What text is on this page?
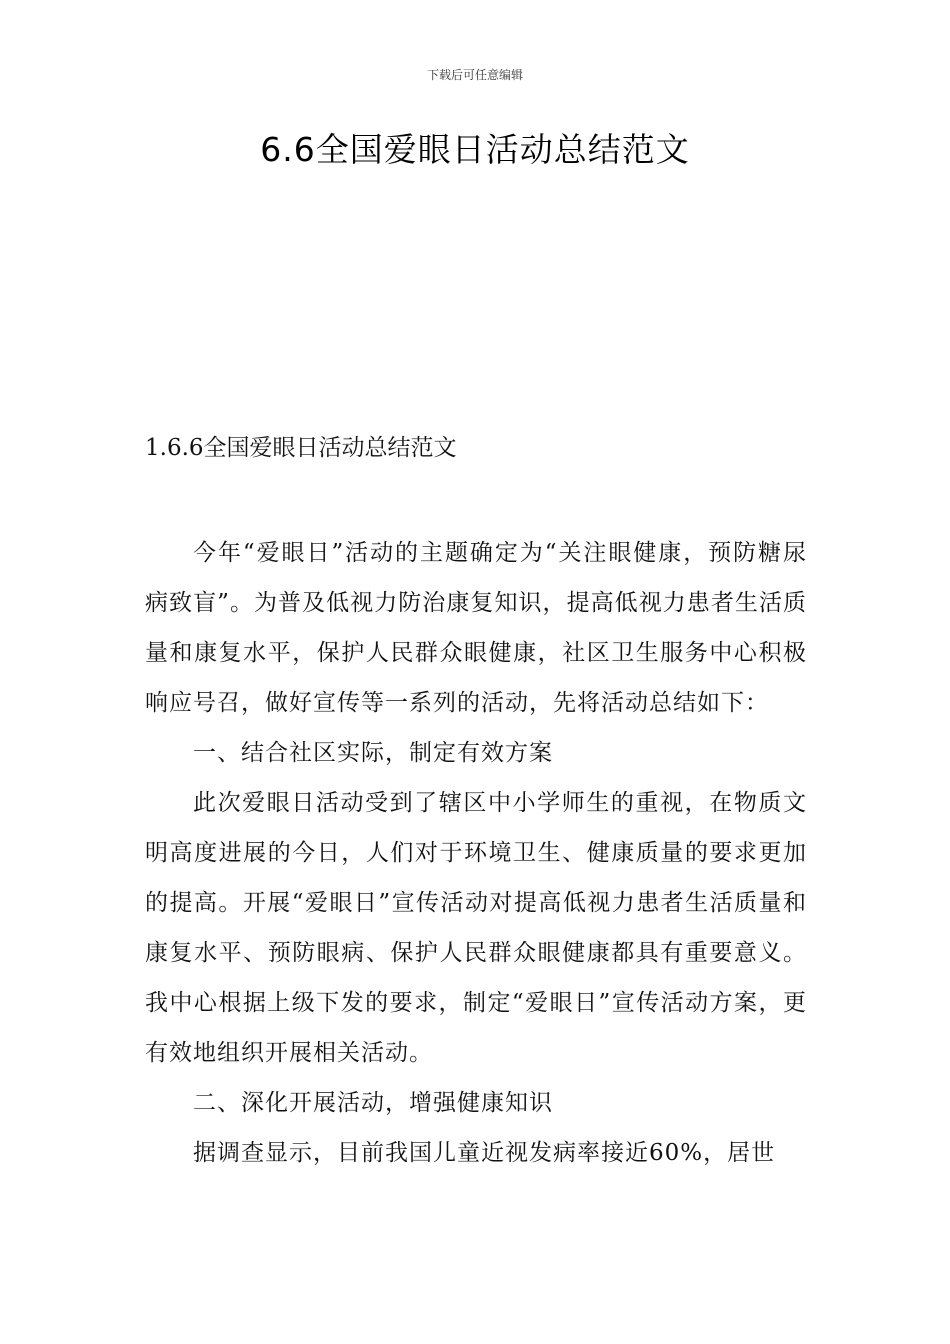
下载后可任意编辑
6.6全国爱眼日活动总结范文

1.6.6全国爱眼日活动总结范文

今年“爱眼日”活动的主题确定为“关注眼健康，预防糖尿病致盲”。为普及低视力防治康复知识，提高低视力患者生活质量和康复水平，保护人民群众眼健康，社区卫生服务中心积极响应号召，做好宣传等一系列的活动，先将活动总结如下：

一、结合社区实际，制定有效方案

此次爱眼日活动受到了辖区中小学师生的重视，在物质文明高度进展的今日，人们对于环境卫生、健康质量的要求更加的提高。开展“爱眼日”宣传活动对提高低视力患者生活质量和康复水平、预防眼病、保护人民群众眼健康都具有重要意义。我中心根据上级下发的要求，制定“爱眼日”宣传活动方案，更有效地组织开展相关活动。

二、深化开展活动，增强健康知识

据调查显示，目前我国儿童近视发病率接近60%，居世
